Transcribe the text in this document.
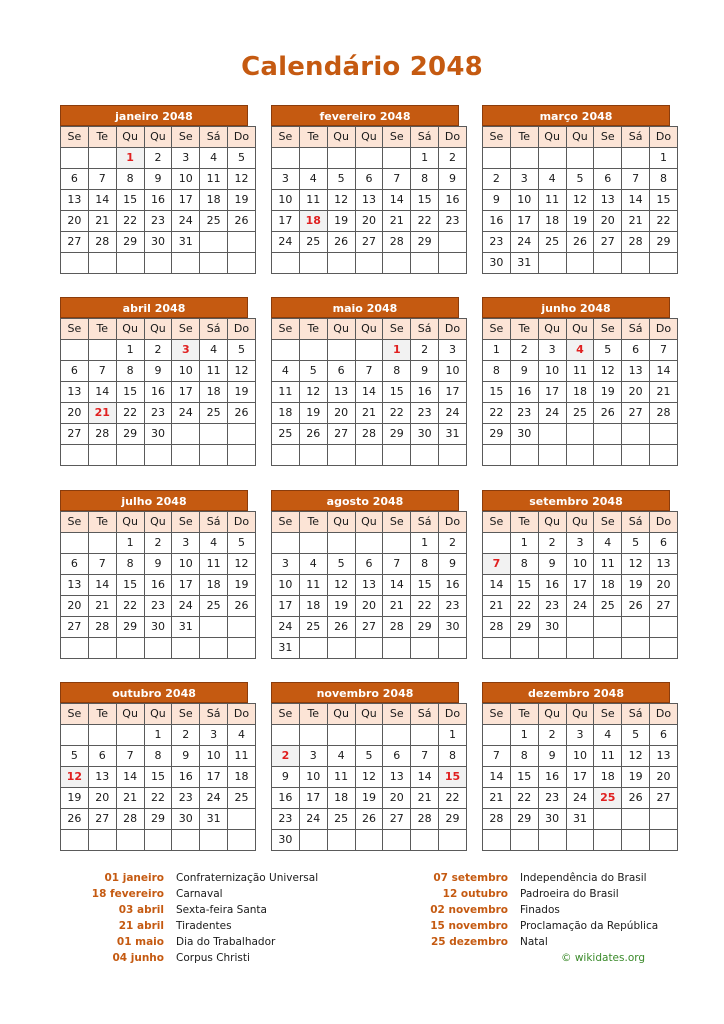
Calendário 2048
janeiro 2048
Se	Te	Qu	Qu	Se	Sá	Do
		1	2	3	4	5
6	7	8	9	10	11	12
13	14	15	16	17	18	19
20	21	22	23	24	25	26
27	28	29	30	31		

fevereiro 2048
Se	Te	Qu	Qu	Se	Sá	Do
					1	2
3	4	5	6	7	8	9
10	11	12	13	14	15	16
17	18	19	20	21	22	23
24	25	26	27	28	29	

março 2048
Se	Te	Qu	Qu	Se	Sá	Do
						1
2	3	4	5	6	7	8
9	10	11	12	13	14	15
16	17	18	19	20	21	22
23	24	25	26	27	28	29
30	31					
abril 2048
Se	Te	Qu	Qu	Se	Sá	Do
		1	2	3	4	5
6	7	8	9	10	11	12
13	14	15	16	17	18	19
20	21	22	23	24	25	26
27	28	29	30			

maio 2048
Se	Te	Qu	Qu	Se	Sá	Do
				1	2	3
4	5	6	7	8	9	10
11	12	13	14	15	16	17
18	19	20	21	22	23	24
25	26	27	28	29	30	31

junho 2048
Se	Te	Qu	Qu	Se	Sá	Do
1	2	3	4	5	6	7
8	9	10	11	12	13	14
15	16	17	18	19	20	21
22	23	24	25	26	27	28
29	30					

julho 2048
Se	Te	Qu	Qu	Se	Sá	Do
		1	2	3	4	5
6	7	8	9	10	11	12
13	14	15	16	17	18	19
20	21	22	23	24	25	26
27	28	29	30	31		

agosto 2048
Se	Te	Qu	Qu	Se	Sá	Do
					1	2
3	4	5	6	7	8	9
10	11	12	13	14	15	16
17	18	19	20	21	22	23
24	25	26	27	28	29	30
31						
setembro 2048
Se	Te	Qu	Qu	Se	Sá	Do
	1	2	3	4	5	6
7	8	9	10	11	12	13
14	15	16	17	18	19	20
21	22	23	24	25	26	27
28	29	30				

outubro 2048
Se	Te	Qu	Qu	Se	Sá	Do
			1	2	3	4
5	6	7	8	9	10	11
12	13	14	15	16	17	18
19	20	21	22	23	24	25
26	27	28	29	30	31	

novembro 2048
Se	Te	Qu	Qu	Se	Sá	Do
						1
2	3	4	5	6	7	8
9	10	11	12	13	14	15
16	17	18	19	20	21	22
23	24	25	26	27	28	29
30						
dezembro 2048
Se	Te	Qu	Qu	Se	Sá	Do
	1	2	3	4	5	6
7	8	9	10	11	12	13
14	15	16	17	18	19	20
21	22	23	24	25	26	27
28	29	30	31			

01 janeiro Confraternização Universal
18 fevereiro Carnaval
03 abril Sexta-feira Santa
21 abril Tiradentes
01 maio Dia do Trabalhador
04 junho Corpus Christi
07 setembro Independência do Brasil
12 outubro Padroeira do Brasil
02 novembro Finados
15 novembro Proclamação da República
25 dezembro Natal
© wikidates.org
